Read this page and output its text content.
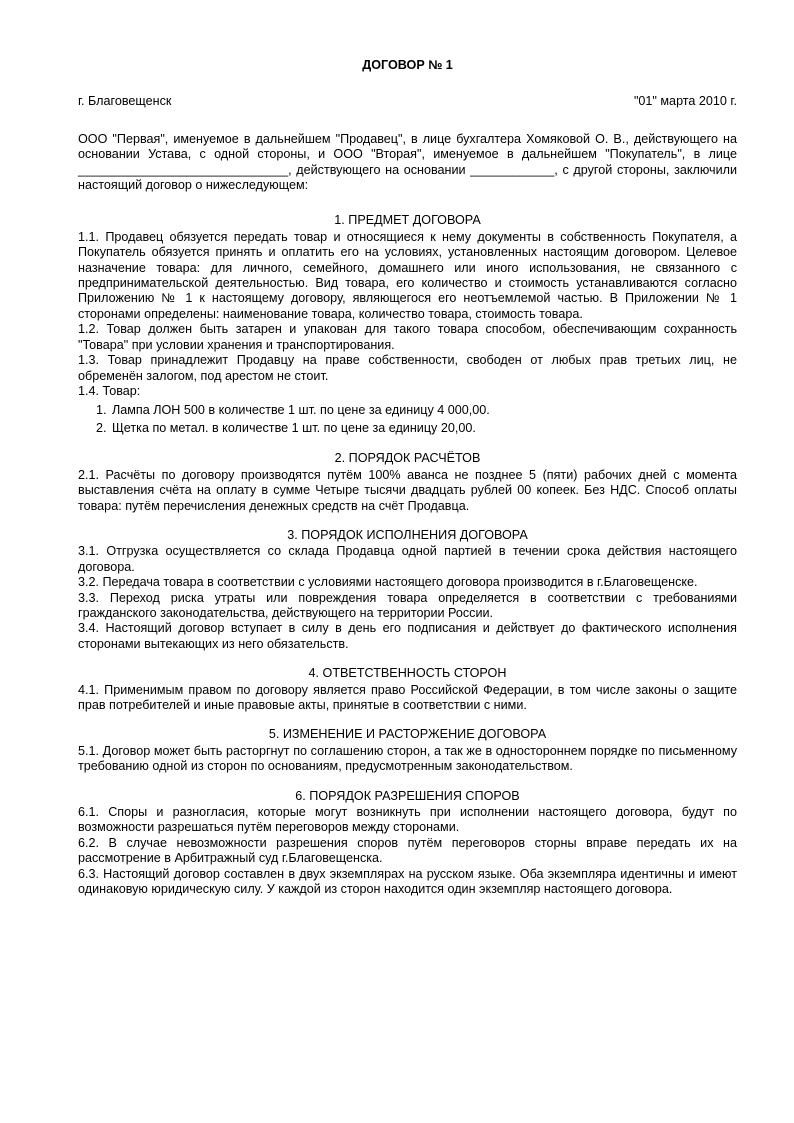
ДОГОВОР № 1
г. Благовещенск	"01" марта 2010 г.

ООО "Первая", именуемое в дальнейшем "Продавец", в лице бухгалтера Хомяковой О. В., действующего на основании Устава, с одной стороны, и ООО "Вторая", именуемое в дальнейшем "Покупатель", в лице ______________________________, действующего на основании ____________, с другой стороны, заключили настоящий договор о нижеследующем:

1. ПРЕДМЕТ ДОГОВОРА

1.1. Продавец обязуется передать товар и относящиеся к нему документы в собственность Покупателя, а Покупатель обязуется принять и оплатить его на условиях, установленных настоящим договором. Целевое назначение товара: для личного, семейного, домашнего или иного использования, не связанного с предпринимательской деятельностью. Вид товара, его количество и стоимость устанавливаются согласно Приложению № 1 к настоящему договору, являющегося его неотъемлемой частью. В Приложении № 1 сторонами определены: наименование товара, количество товара, стоимость товара.

1.2. Товар должен быть затарен и упакован для такого товара способом, обеспечивающим сохранность "Товара" при условии хранения и транспортирования.

1.3. Товар принадлежит Продавцу на праве собственности, свободен от любых прав третьих лиц, не обременён залогом, под арестом не стоит.

1.4. Товар:

1. Лампа ЛОН 500 в количестве 1 шт. по цене за единицу 4 000,00.
2. Щетка по метал. в количестве 1 шт. по цене за единицу 20,00.
2. ПОРЯДОК РАСЧЁТОВ

2.1. Расчёты по договору производятся путём 100% аванса не позднее 5 (пяти) рабочих дней с момента выставления счёта на оплату в сумме Четыре тысячи двадцать рублей 00 копеек. Без НДС. Способ оплаты товара: путём перечисления денежных средств на счёт Продавца.

3. ПОРЯДОК ИСПОЛНЕНИЯ ДОГОВОРА

3.1. Отгрузка осуществляется со склада Продавца одной партией в течении срока действия настоящего договора.

3.2. Передача товара в соответствии с условиями настоящего договора производится в г.Благовещенске.

3.3. Переход риска утраты или повреждения товара определяется в соответствии с требованиями гражданского законодательства, действующего на территории России.

3.4. Настоящий договор вступает в силу в день его подписания и действует до фактического исполнения сторонами вытекающих из него обязательств.

4. ОТВЕТСТВЕННОСТЬ СТОРОН

4.1. Применимым правом по договору является право Российской Федерации, в том числе законы о защите прав потребителей и иные правовые акты, принятые в соответствии с ними.

5. ИЗМЕНЕНИЕ И РАСТОРЖЕНИЕ ДОГОВОРА

5.1. Договор может быть расторгнут по соглашению сторон, а так же в одностороннем порядке по письменному требованию одной из сторон по основаниям, предусмотренным законодательством.

6. ПОРЯДОК РАЗРЕШЕНИЯ СПОРОВ

6.1. Споры и разногласия, которые могут возникнуть при исполнении настоящего договора, будут по возможности разрешаться путём переговоров между сторонами.

6.2. В случае невозможности разрешения споров путём переговоров сторны вправе передать их на рассмотрение в Арбитражный суд г.Благовещенска.

6.3. Настоящий договор составлен в двух экземплярах на русском языке. Оба экземпляра идентичны и имеют одинаковую юридическую силу. У каждой из сторон находится один экземпляр настоящего договора.
